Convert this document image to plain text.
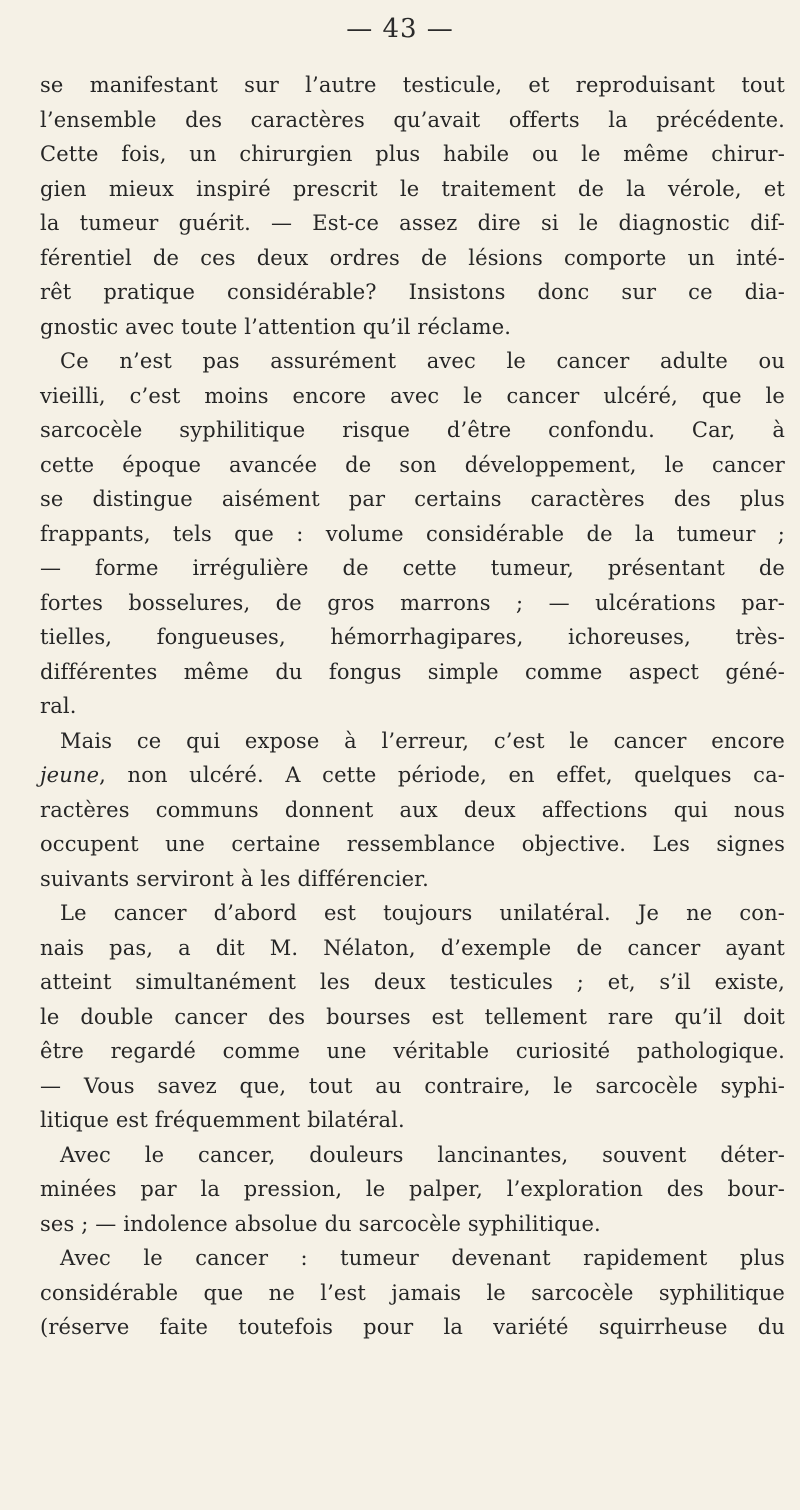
— 43 —
se manifestant sur l’autre testicule, et reproduisant tout
l’ensemble des caractères qu’avait offerts la précédente.
Cette fois, un chirurgien plus habile ou le même chirur-
gien mieux inspiré prescrit le traitement de la vérole, et
la tumeur guérit. — Est-ce assez dire si le diagnostic dif-
férentiel de ces deux ordres de lésions comporte un inté-
rêt pratique considérable? Insistons donc sur ce dia-
gnostic avec toute l’attention qu’il réclame.
Ce n’est pas assurément avec le cancer adulte ou
vieilli, c’est moins encore avec le cancer ulcéré, que le
sarcocèle syphilitique risque d’être confondu. Car, à
cette époque avancée de son développement, le cancer
se distingue aisément par certains caractères des plus
frappants, tels que : volume considérable de la tumeur ;
— forme irrégulière de cette tumeur, présentant de
fortes bosselures, de gros marrons ; — ulcérations par-
tielles, fongueuses, hémorrhagipares, ichoreuses, très-
différentes même du fongus simple comme aspect géné-
ral.
Mais ce qui expose à l’erreur, c’est le cancer encore
jeune, non ulcéré. A cette période, en effet, quelques ca-
ractères communs donnent aux deux affections qui nous
occupent une certaine ressemblance objective. Les signes
suivants serviront à les différencier.
Le cancer d’abord est toujours unilatéral. Je ne con-
nais pas, a dit M. Nélaton, d’exemple de cancer ayant
atteint simultanément les deux testicules ; et, s’il existe,
le double cancer des bourses est tellement rare qu’il doit
être regardé comme une véritable curiosité pathologique.
— Vous savez que, tout au contraire, le sarcocèle syphi-
litique est fréquemment bilatéral.
Avec le cancer, douleurs lancinantes, souvent déter-
minées par la pression, le palper, l’exploration des bour-
ses ; — indolence absolue du sarcocèle syphilitique.
Avec le cancer : tumeur devenant rapidement plus
considérable que ne l’est jamais le sarcocèle syphilitique
(réserve faite toutefois pour la variété squirrheuse du
